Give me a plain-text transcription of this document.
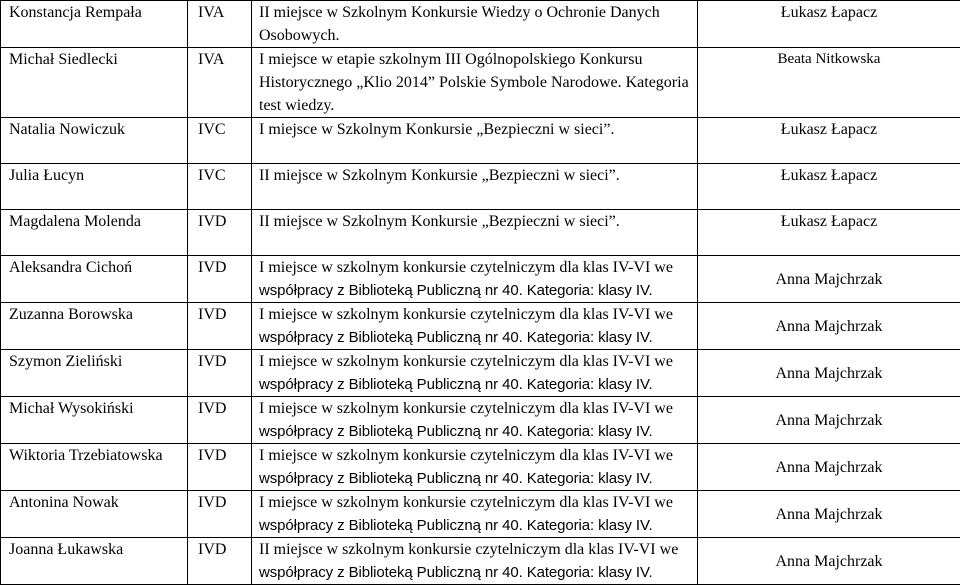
Konstancja Rempała	IVA	II miejsce w Szkolnym Konkursie Wiedzy o Ochronie Danych
Osobowych.	Łukasz Łapacz
Michał Siedlecki	IVA	I miejsce w etapie szkolnym III Ogólnopolskiego Konkursu
Historycznego „Klio 2014” Polskie Symbole Narodowe. Kategoria
test wiedzy.	Beata Nitkowska
Natalia Nowiczuk	IVC	I miejsce w Szkolnym Konkursie „Bezpieczni w sieci”.	Łukasz Łapacz
Julia Łucyn	IVC	II miejsce w Szkolnym Konkursie „Bezpieczni w sieci”.	Łukasz Łapacz
Magdalena Molenda	IVD	II miejsce w Szkolnym Konkursie „Bezpieczni w sieci”.	Łukasz Łapacz
Aleksandra Cichoń	IVD	I miejsce w szkolnym konkursie czytelniczym dla klas IV-VI we
współpracy z Biblioteką Publiczną nr 40. Kategoria: klasy IV.	Anna Majchrzak
Zuzanna Borowska	IVD	I miejsce w szkolnym konkursie czytelniczym dla klas IV-VI we
współpracy z Biblioteką Publiczną nr 40. Kategoria: klasy IV.	Anna Majchrzak
Szymon Zieliński	IVD	I miejsce w szkolnym konkursie czytelniczym dla klas IV-VI we
współpracy z Biblioteką Publiczną nr 40. Kategoria: klasy IV.	Anna Majchrzak
Michał Wysokiński	IVD	I miejsce w szkolnym konkursie czytelniczym dla klas IV-VI we
współpracy z Biblioteką Publiczną nr 40. Kategoria: klasy IV.	Anna Majchrzak
Wiktoria Trzebiatowska	IVD	I miejsce w szkolnym konkursie czytelniczym dla klas IV-VI we
współpracy z Biblioteką Publiczną nr 40. Kategoria: klasy IV.	Anna Majchrzak
Antonina Nowak	IVD	I miejsce w szkolnym konkursie czytelniczym dla klas IV-VI we
współpracy z Biblioteką Publiczną nr 40. Kategoria: klasy IV.	Anna Majchrzak
Joanna Łukawska	IVD	II miejsce w szkolnym konkursie czytelniczym dla klas IV-VI we
współpracy z Biblioteką Publiczną nr 40. Kategoria: klasy IV.	Anna Majchrzak
